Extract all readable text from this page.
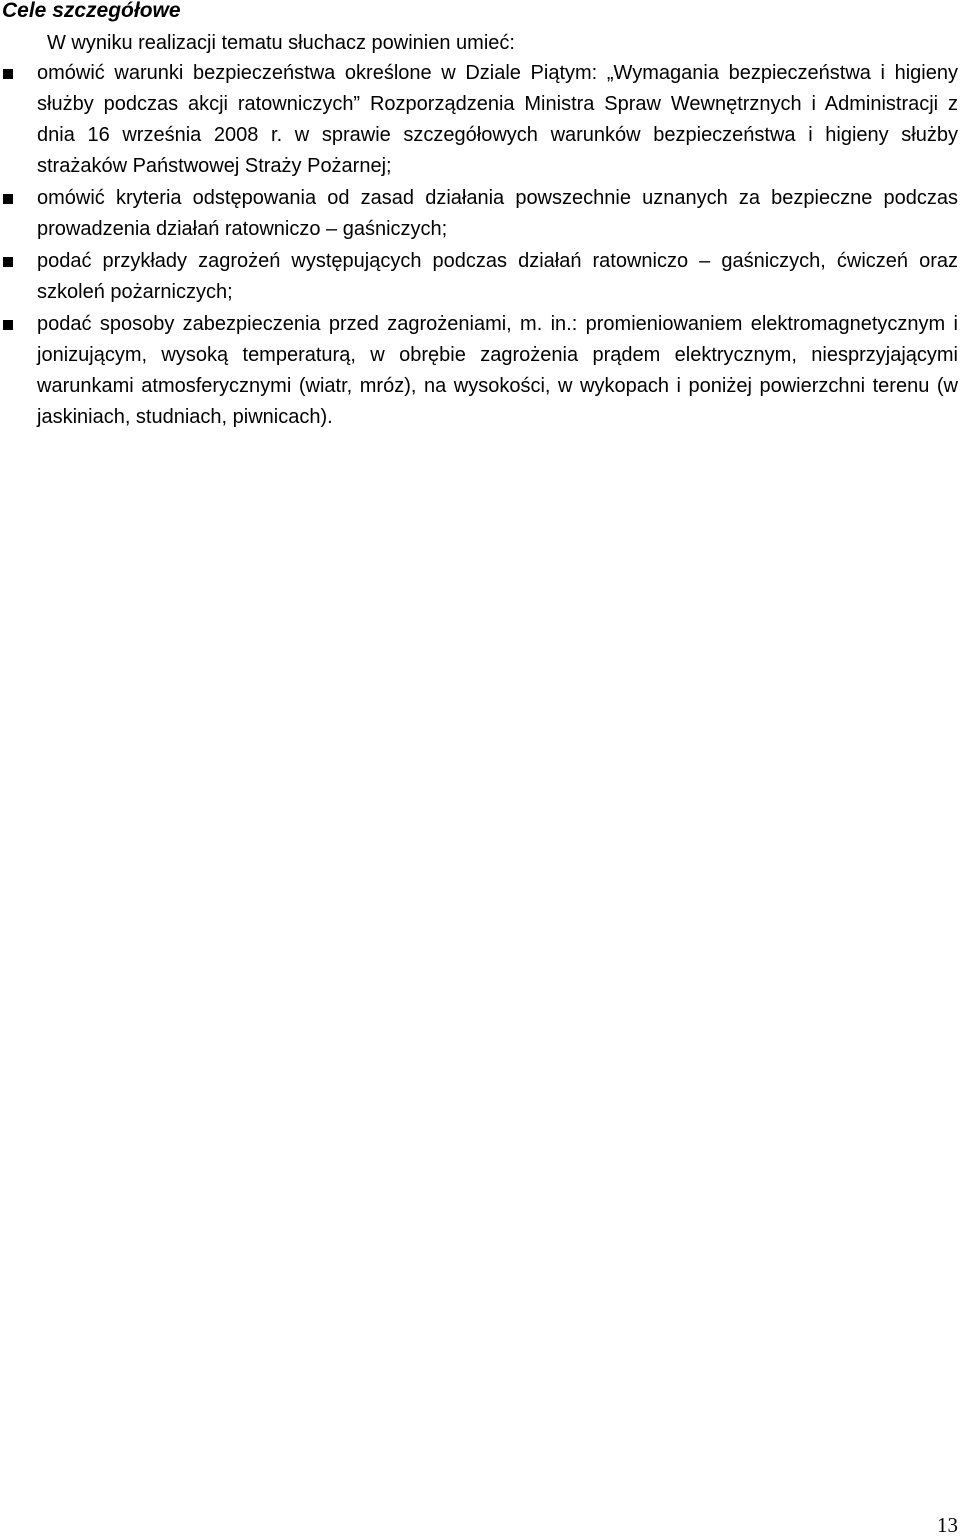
Cele szczegółowe

W wyniku realizacji tematu słuchacz powinien umieć:

omówić warunki bezpieczeństwa określone w Dziale Piątym: „Wymagania bezpieczeństwa i higieny służby podczas akcji ratowniczych” Rozporządzenia Ministra Spraw Wewnętrznych i Administracji z dnia 16 września 2008 r. w sprawie szczegółowych warunków bezpieczeństwa i higieny służby strażaków Państwowej Straży Pożarnej;
omówić kryteria odstępowania od zasad działania powszechnie uznanych za bezpieczne podczas prowadzenia działań ratowniczo – gaśniczych;
podać przykłady zagrożeń występujących podczas działań ratowniczo – gaśniczych, ćwiczeń oraz szkoleń pożarniczych;
podać sposoby zabezpieczenia przed zagrożeniami, m. in.: promieniowaniem elektromagnetycznym i jonizującym, wysoką temperaturą, w obrębie zagrożenia prądem elektrycznym, niesprzyjającymi warunkami atmosferycznymi (wiatr, mróz), na wysokości, w wykopach i poniżej powierzchni terenu (w jaskiniach, studniach, piwnicach).
13
